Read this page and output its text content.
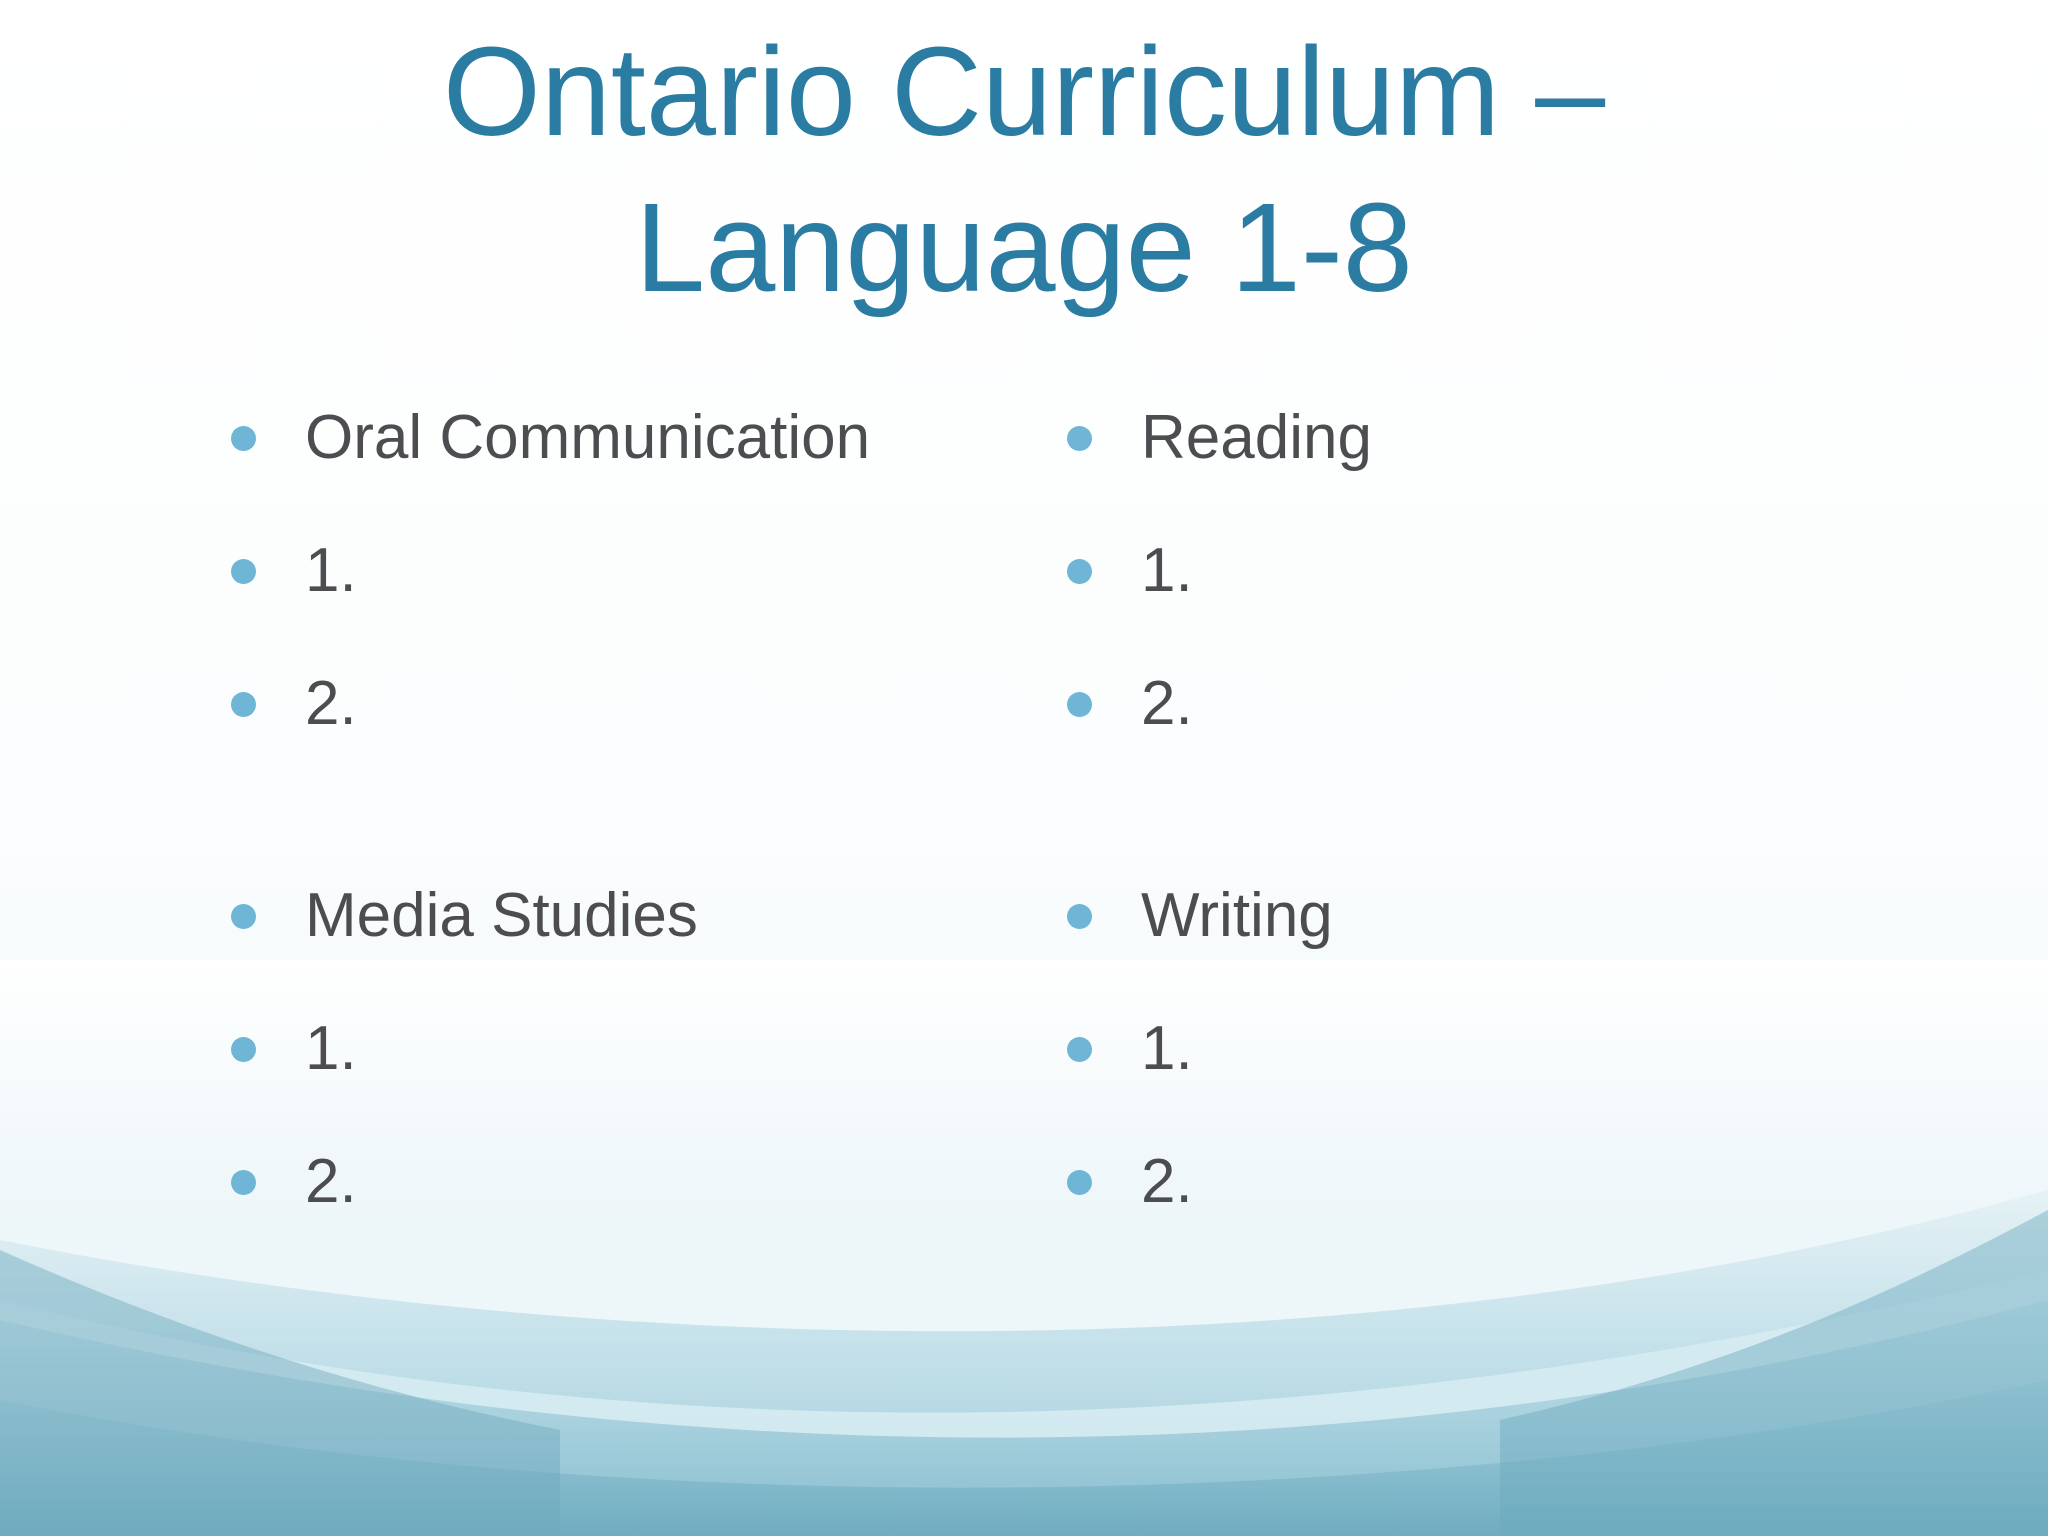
Ontario Curriculum –
Language 1-8
Oral Communication
1.
2.
Media Studies
1.
2.
Reading
1.
2.
Writing
1.
2.
